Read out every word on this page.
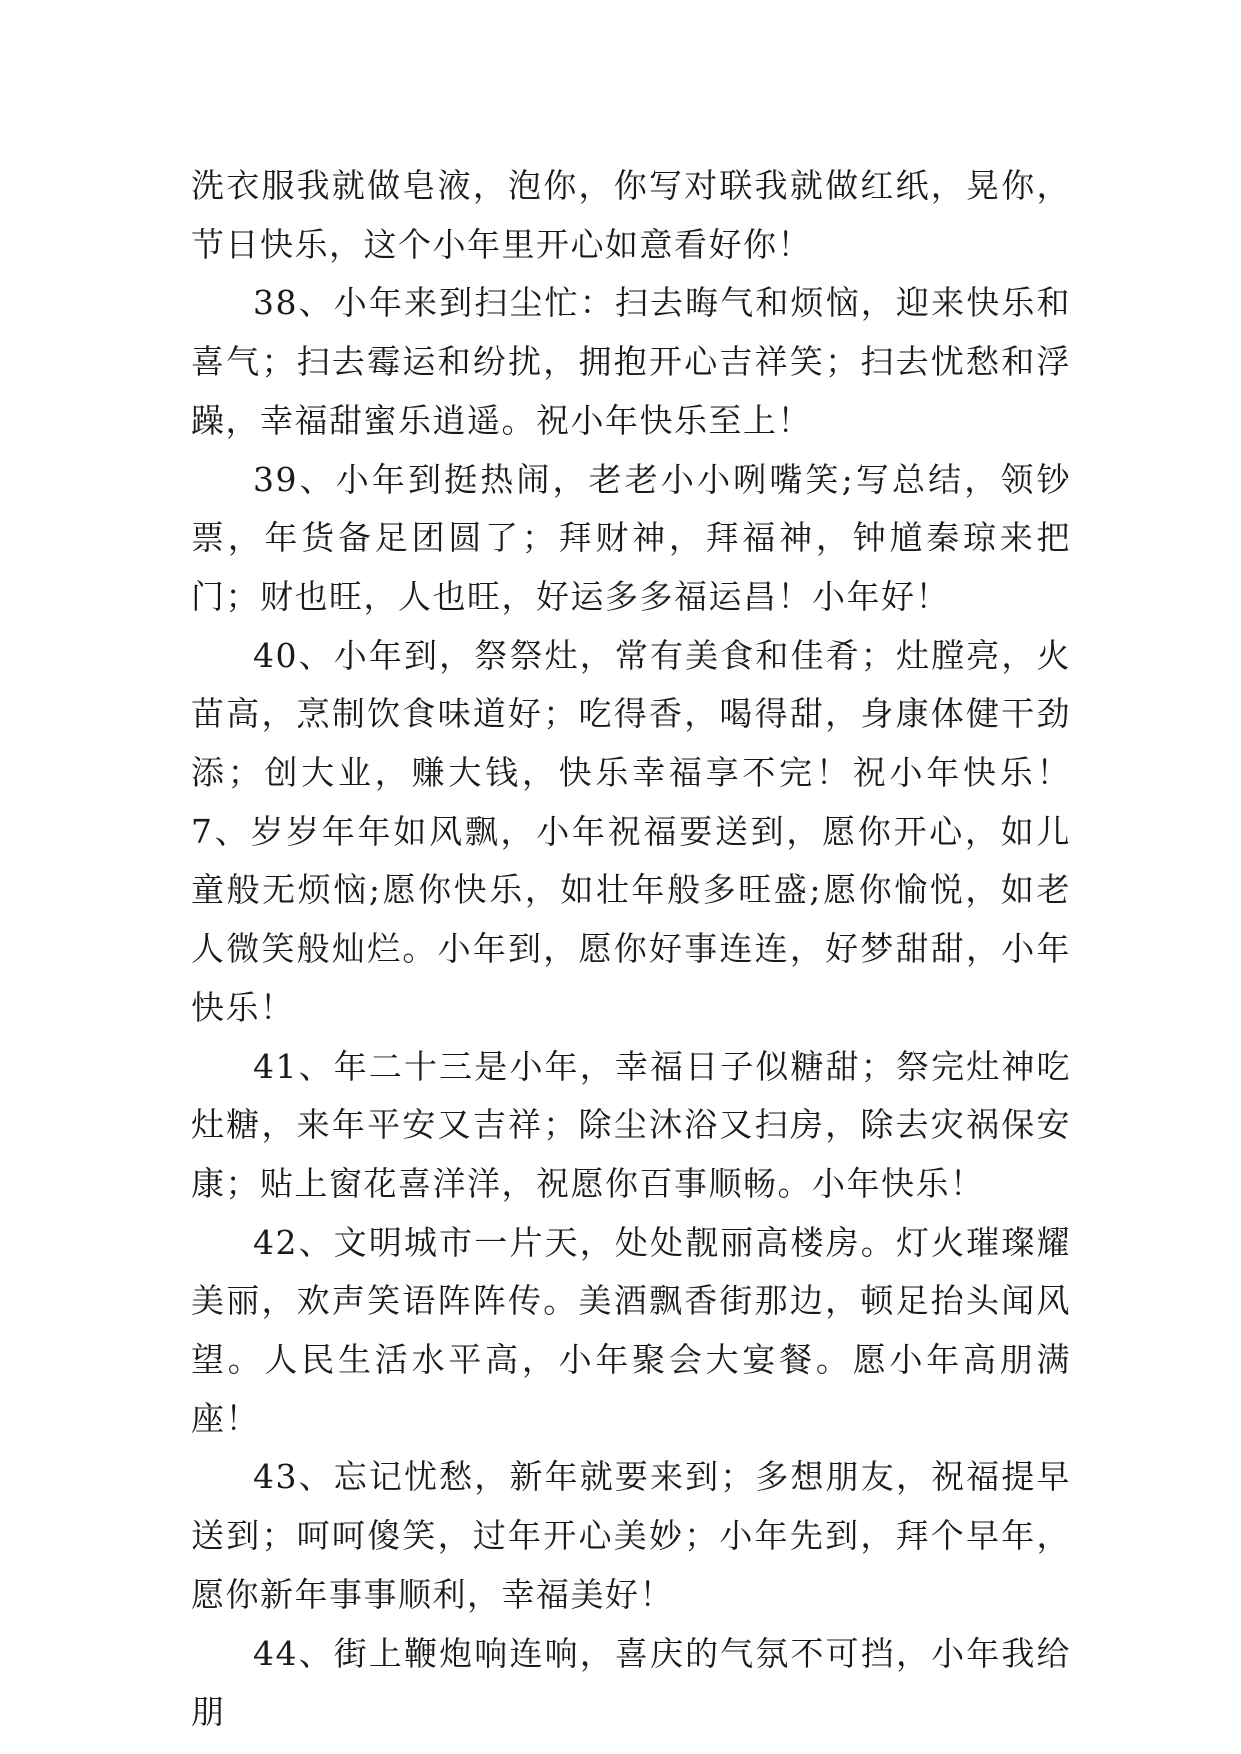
洗衣服我就做皂液，泡你，你写对联我就做红纸，晃你，节日快乐，这个小年里开心如意看好你！

38、小年来到扫尘忙：扫去晦气和烦恼，迎来快乐和喜气；扫去霉运和纷扰，拥抱开心吉祥笑；扫去忧愁和浮躁，幸福甜蜜乐逍遥。祝小年快乐至上！

39、小年到挺热闹，老老小小咧嘴笑;写总结，领钞票，年货备足团圆了；拜财神，拜福神，钟馗秦琼来把门；财也旺，人也旺，好运多多福运昌！小年好！

40、小年到，祭祭灶，常有美食和佳肴；灶膛亮，火苗高，烹制饮食味道好；吃得香，喝得甜，身康体健干劲添；创大业，赚大钱，快乐幸福享不完！祝小年快乐！7、岁岁年年如风飘，小年祝福要送到，愿你开心，如儿童般无烦恼;愿你快乐，如壮年般多旺盛;愿你愉悦，如老人微笑般灿烂。小年到，愿你好事连连，好梦甜甜，小年快乐！

41、年二十三是小年，幸福日子似糖甜；祭完灶神吃灶糖，来年平安又吉祥；除尘沐浴又扫房，除去灾祸保安康；贴上窗花喜洋洋，祝愿你百事顺畅。小年快乐！

42、文明城市一片天，处处靓丽高楼房。灯火璀璨耀美丽，欢声笑语阵阵传。美酒飘香街那边，顿足抬头闻风望。人民生活水平高，小年聚会大宴餐。愿小年高朋满座！

43、忘记忧愁，新年就要来到；多想朋友，祝福提早送到；呵呵傻笑，过年开心美妙；小年先到，拜个早年，愿你新年事事顺利，幸福美好！

44、街上鞭炮响连响，喜庆的气氛不可挡，小年我给朋
